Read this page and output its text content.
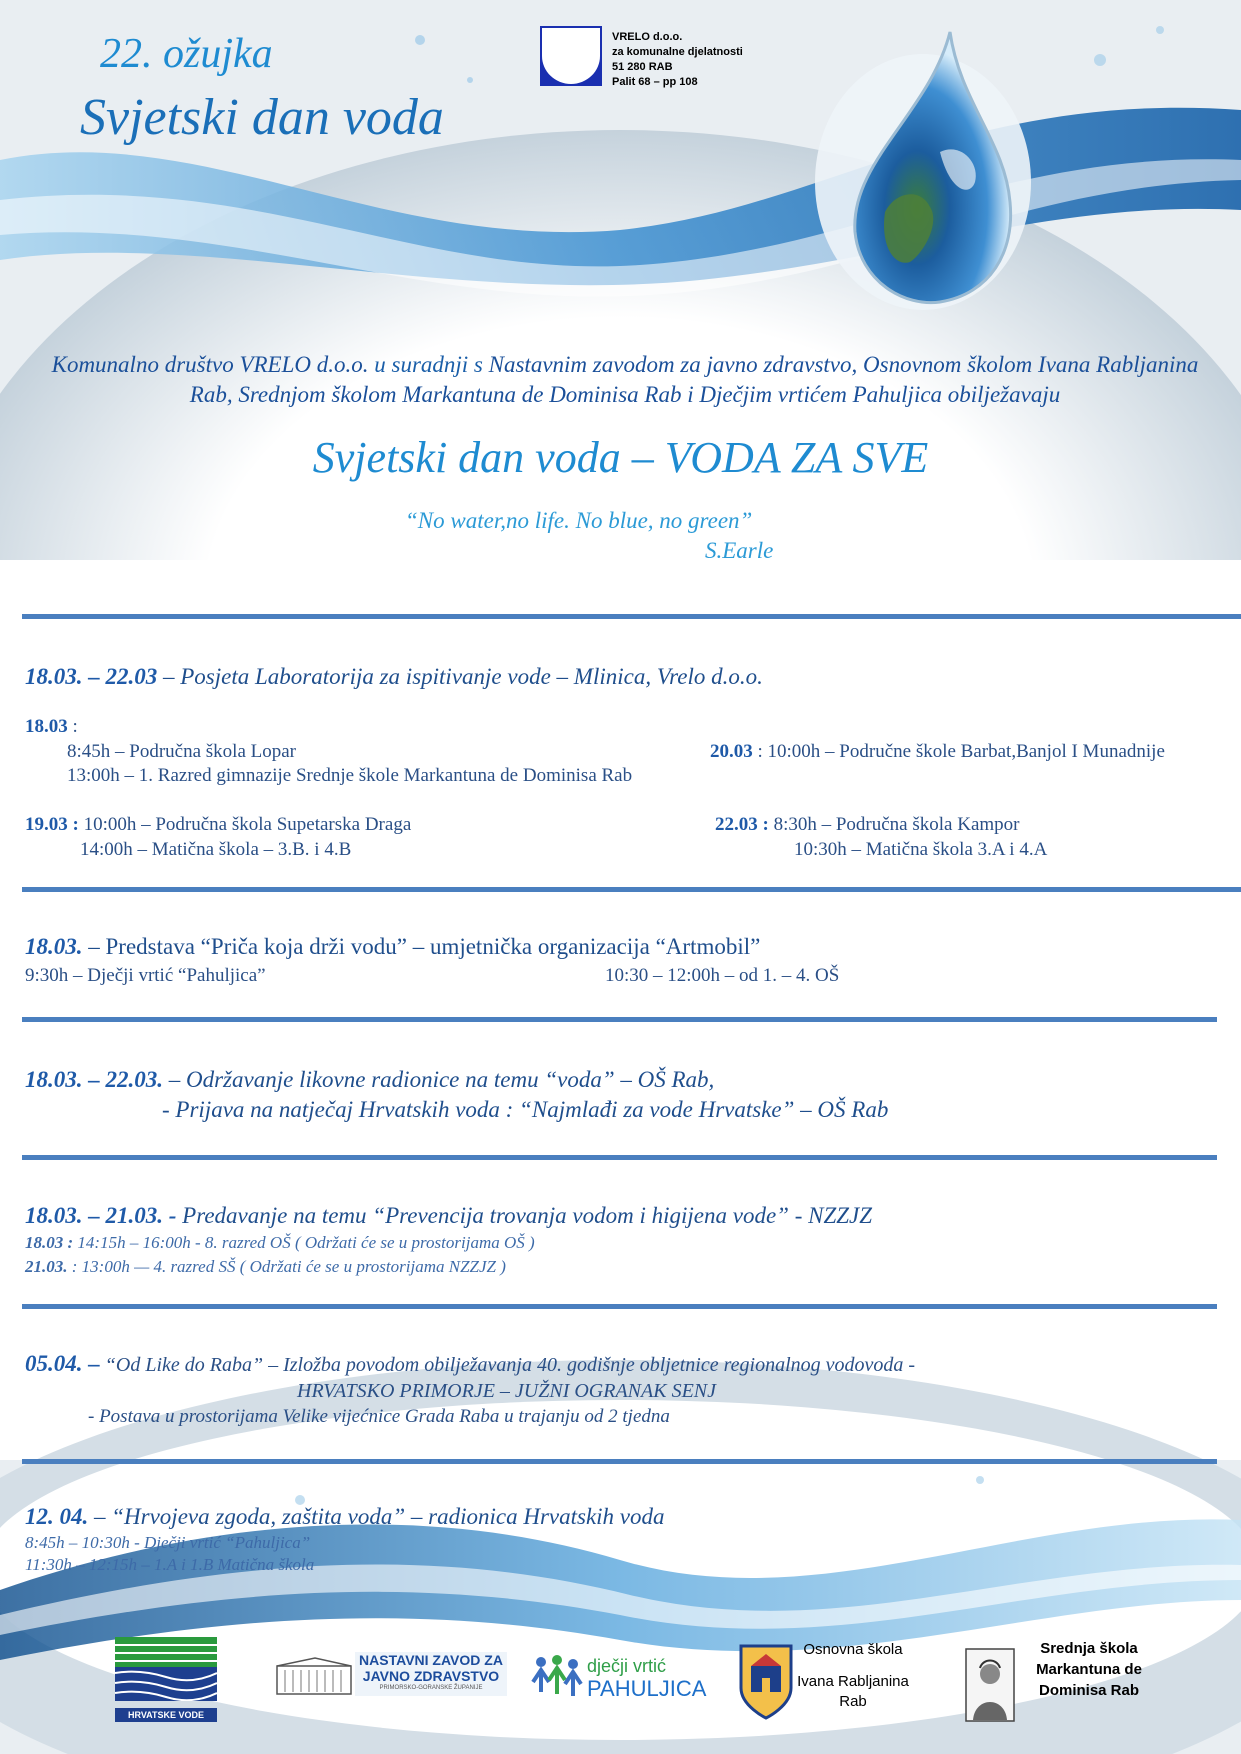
22. ožujka
Svjetski dan voda
VRELO d.o.o.
za komunalne djelatnosti
51 280 RAB
Palit 68 – pp 108
Komunalno društvo VRELO d.o.o. u suradnji s Nastavnim zavodom za javno zdravstvo, Osnovnom školom Ivana Rabljanina Rab, Srednjom školom Markantuna de Dominisa Rab i Dječjim vrtićem Pahuljica obilježavaju
Svjetski dan voda – VODA ZA SVE
“No water,no life. No blue, no green”
S.Earle
18.03. – 22.03 – Posjeta Laboratorija za ispitivanje vode – Mlinica, Vrelo d.o.o.
18.03 :
8:45h – Područna škola Lopar
13:00h – 1. Razred gimnazije Srednje škole Markantuna de Dominisa Rab
20.03 : 10:00h – Područne škole Barbat,Banjol I Munadnije
19.03 : 10:00h – Područna škola Supetarska Draga
14:00h – Matična škola – 3.B. i 4.B
22.03 : 8:30h – Područna škola Kampor
10:30h – Matična škola 3.A i 4.A
18.03. – Predstava “Priča koja drži vodu” – umjetnička organizacija “Artmobil”
9:30h – Dječji vrtić “Pahuljica”	10:30 – 12:00h – od 1. – 4. OŠ
18.03. – 22.03. – Održavanje likovne radionice na temu “voda” – OŠ Rab,
- Prijava na natječaj Hrvatskih voda : “Najmlađi za vode Hrvatske” – OŠ Rab
18.03. – 21.03. - Predavanje na temu “Prevencija trovanja vodom i higijena vode” - NZZJZ
18.03 : 14:15h – 16:00h - 8. razred OŠ ( Održati će se u prostorijama OŠ )
21.03. : 13:00h — 4. razred SŠ ( Održati će se u prostorijama NZZJZ )
05.04. – “Od Like do Raba” – Izložba povodom obilježavanja 40. godišnje obljetnice regionalnog vodovoda -
HRVATSKO PRIMORJE – JUŽNI OGRANAK SENJ
- Postava u prostorijama Velike vijećnice Grada Raba u trajanju od 2 tjedna
12. 04. – “Hrvojeva zgoda, zaštita voda” – radionica Hrvatskih voda
8:45h – 10:30h - Dječji vrtić “Pahuljica”
11:30h – 12:15h – 1.A i 1.B Matična škola
HRVATSKE VODE
NASTAVNI ZAVOD ZA
JAVNO ZDRAVSTVO
PRIMORSKO-GORANSKE ŽUPANIJE
dječji vrtić
PAHULJICA
Osnovna škola
Ivana Rabljanina
Rab
Srednja škola
Markantuna de
Dominisa Rab
